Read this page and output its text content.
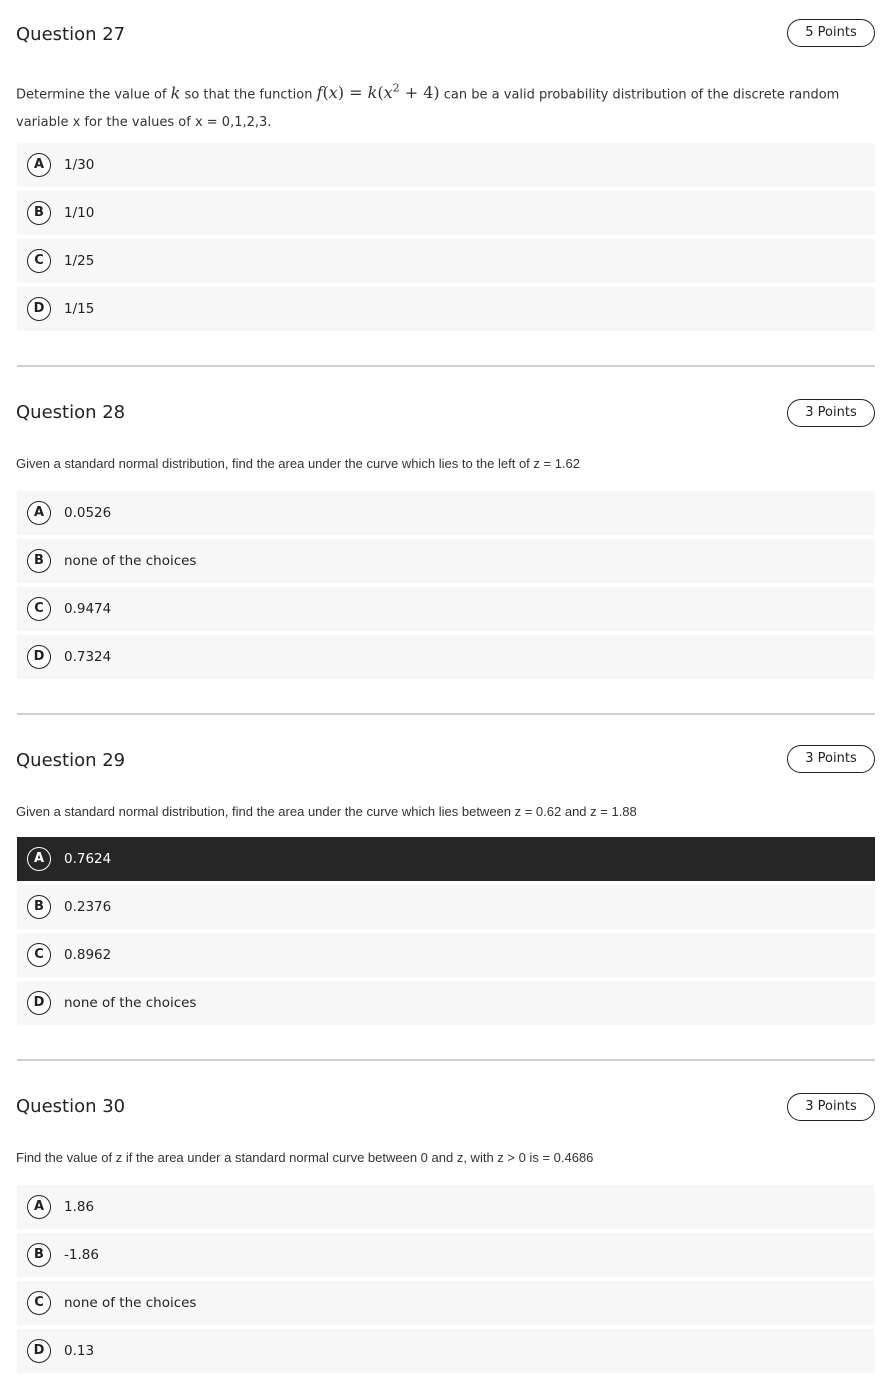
Question 27	5 Points
Determine the value of k so that the function $f(x) = k(x^2 + 4)$ can be a valid probability distribution of the discrete random
variable x for the values of x = 0,1,2,3.
A	1/30
B	1/10
C	1/25
D	1/15
Question 28	3 Points
Given a standard normal distribution, find the area under the curve which lies to the left of z = 1.62
A	0.0526
B	none of the choices
C	0.9474
D	0.7324
Question 29	3 Points
Given a standard normal distribution, find the area under the curve which lies between z = 0.62 and z = 1.88
A	0.7624
B	0.2376
C	0.8962
D	none of the choices
Question 30	3 Points
Find the value of z if the area under a standard normal curve between 0 and z, with z > 0 is = 0.4686
A	1.86
B	-1.86
C	none of the choices
D	0.13
